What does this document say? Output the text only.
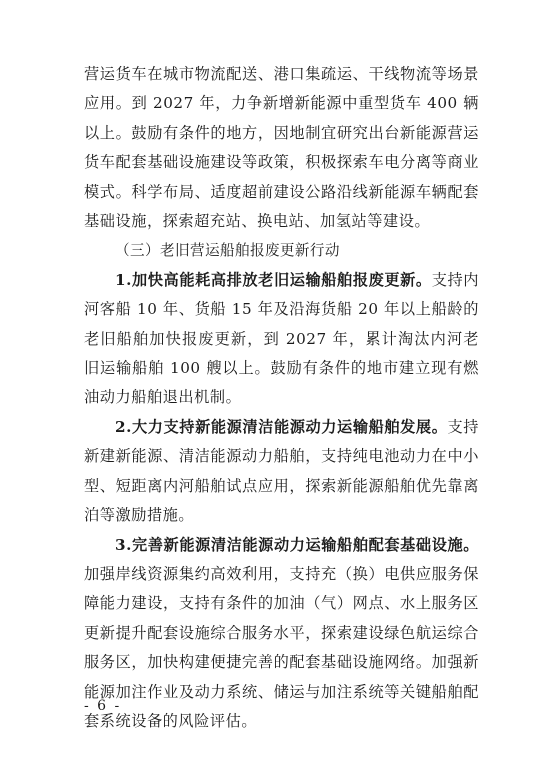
营运货车在城市物流配送、港口集疏运、干线物流等场景应用。到 2027 年，力争新增新能源中重型货车 400 辆以上。鼓励有条件的地方，因地制宜研究出台新能源营运货车配套基础设施建设等政策，积极探索车电分离等商业模式。科学布局、适度超前建设公路沿线新能源车辆配套基础设施，探索超充站、换电站、加氢站等建设。

（三）老旧营运船舶报废更新行动

1.加快高能耗高排放老旧运输船舶报废更新。支持内河客船 10 年、货船 15 年及沿海货船 20 年以上船龄的老旧船舶加快报废更新，到 2027 年，累计淘汰内河老旧运输船舶 100 艘以上。鼓励有条件的地市建立现有燃油动力船舶退出机制。

2.大力支持新能源清洁能源动力运输船舶发展。支持新建新能源、清洁能源动力船舶，支持纯电池动力在中小型、短距离内河船舶试点应用，探索新能源船舶优先靠离泊等激励措施。

3.完善新能源清洁能源动力运输船舶配套基础设施。加强岸线资源集约高效利用，支持充（换）电供应服务保障能力建设，支持有条件的加油（气）网点、水上服务区更新提升配套设施综合服务水平，探索建设绿色航运综合服务区，加快构建便捷完善的配套基础设施网络。加强新能源加注作业及动力系统、储运与加注系统等关键船舶配套系统设备的风险评估。

- 6 -
